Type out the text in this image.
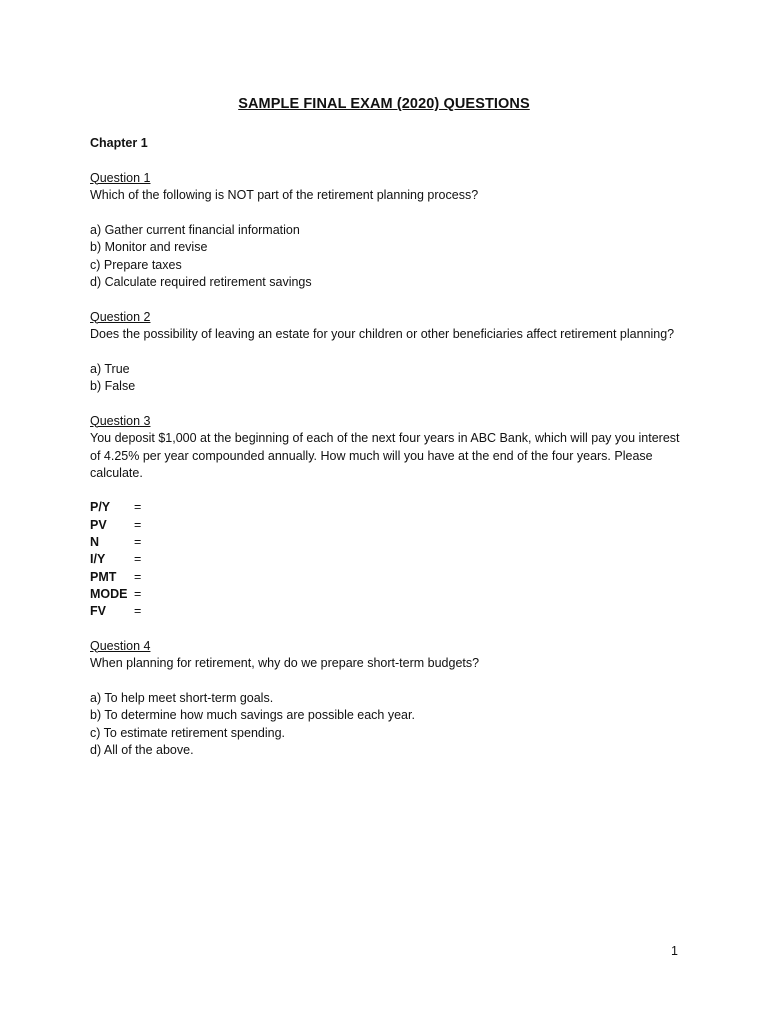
SAMPLE FINAL EXAM (2020) QUESTIONS
Chapter 1
Question 1
Which of the following is NOT part of the retirement planning process?
a) Gather current financial information
b) Monitor and revise
c) Prepare taxes
d) Calculate required retirement savings
Question 2
Does the possibility of leaving an estate for your children or other beneficiaries affect retirement planning?
a) True
b) False
Question 3
You deposit $1,000 at the beginning of each of the next four years in ABC Bank, which will pay you interest of 4.25% per year compounded annually. How much will you have at the end of the four years. Please calculate.
P/Y	=
PV	=
N	=
I/Y	=
PMT	=
MODE =
FV	=
Question 4
When planning for retirement, why do we prepare short-term budgets?
a) To help meet short-term goals.
b) To determine how much savings are possible each year.
c) To estimate retirement spending.
d) All of the above.
1
